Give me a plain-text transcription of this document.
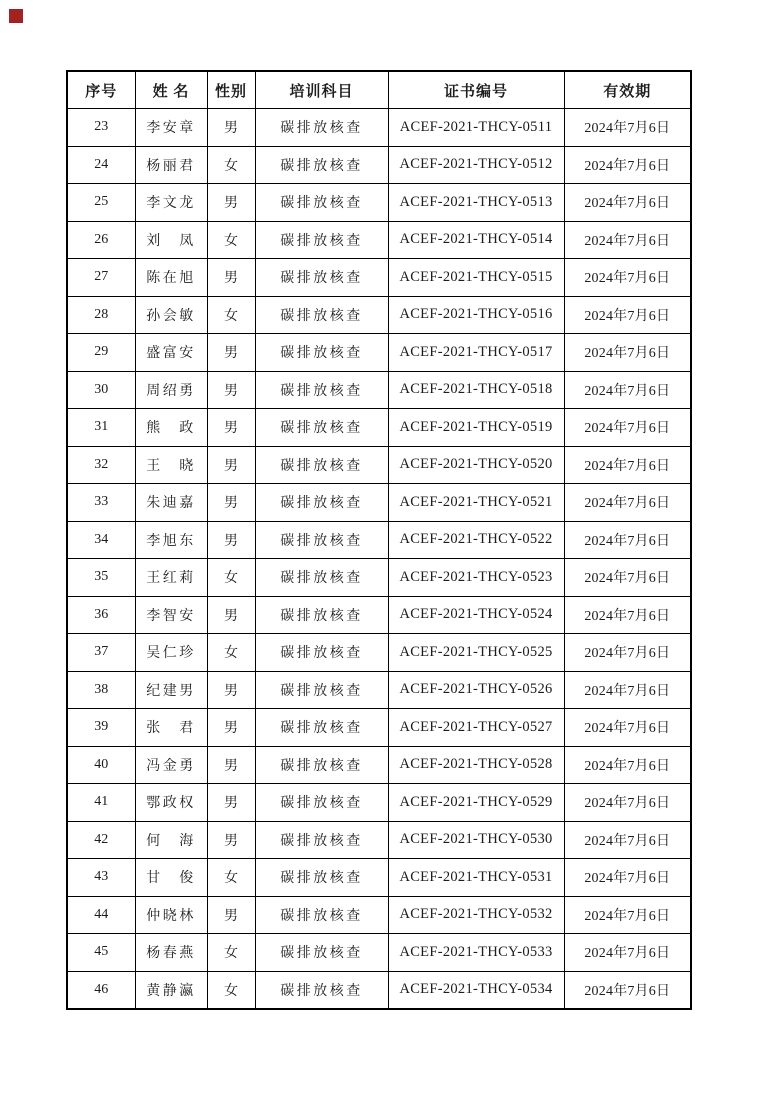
序号	姓 名	性别	培训科目	证书编号	有效期
23	李安章	男	碳排放核查	ACEF-2021-THCY-0511	2024年7月6日
24	杨丽君	女	碳排放核查	ACEF-2021-THCY-0512	2024年7月6日
25	李文龙	男	碳排放核查	ACEF-2021-THCY-0513	2024年7月6日
26	刘　凤	女	碳排放核查	ACEF-2021-THCY-0514	2024年7月6日
27	陈在旭	男	碳排放核查	ACEF-2021-THCY-0515	2024年7月6日
28	孙会敏	女	碳排放核查	ACEF-2021-THCY-0516	2024年7月6日
29	盛富安	男	碳排放核查	ACEF-2021-THCY-0517	2024年7月6日
30	周绍勇	男	碳排放核查	ACEF-2021-THCY-0518	2024年7月6日
31	熊　政	男	碳排放核查	ACEF-2021-THCY-0519	2024年7月6日
32	王　晓	男	碳排放核查	ACEF-2021-THCY-0520	2024年7月6日
33	朱迪嘉	男	碳排放核查	ACEF-2021-THCY-0521	2024年7月6日
34	李旭东	男	碳排放核查	ACEF-2021-THCY-0522	2024年7月6日
35	王红莉	女	碳排放核查	ACEF-2021-THCY-0523	2024年7月6日
36	李智安	男	碳排放核查	ACEF-2021-THCY-0524	2024年7月6日
37	吴仁珍	女	碳排放核查	ACEF-2021-THCY-0525	2024年7月6日
38	纪建男	男	碳排放核查	ACEF-2021-THCY-0526	2024年7月6日
39	张　君	男	碳排放核查	ACEF-2021-THCY-0527	2024年7月6日
40	冯金勇	男	碳排放核查	ACEF-2021-THCY-0528	2024年7月6日
41	鄂政权	男	碳排放核查	ACEF-2021-THCY-0529	2024年7月6日
42	何　海	男	碳排放核查	ACEF-2021-THCY-0530	2024年7月6日
43	甘　俊	女	碳排放核查	ACEF-2021-THCY-0531	2024年7月6日
44	仲晓林	男	碳排放核查	ACEF-2021-THCY-0532	2024年7月6日
45	杨春燕	女	碳排放核查	ACEF-2021-THCY-0533	2024年7月6日
46	黄静瀛	女	碳排放核查	ACEF-2021-THCY-0534	2024年7月6日
